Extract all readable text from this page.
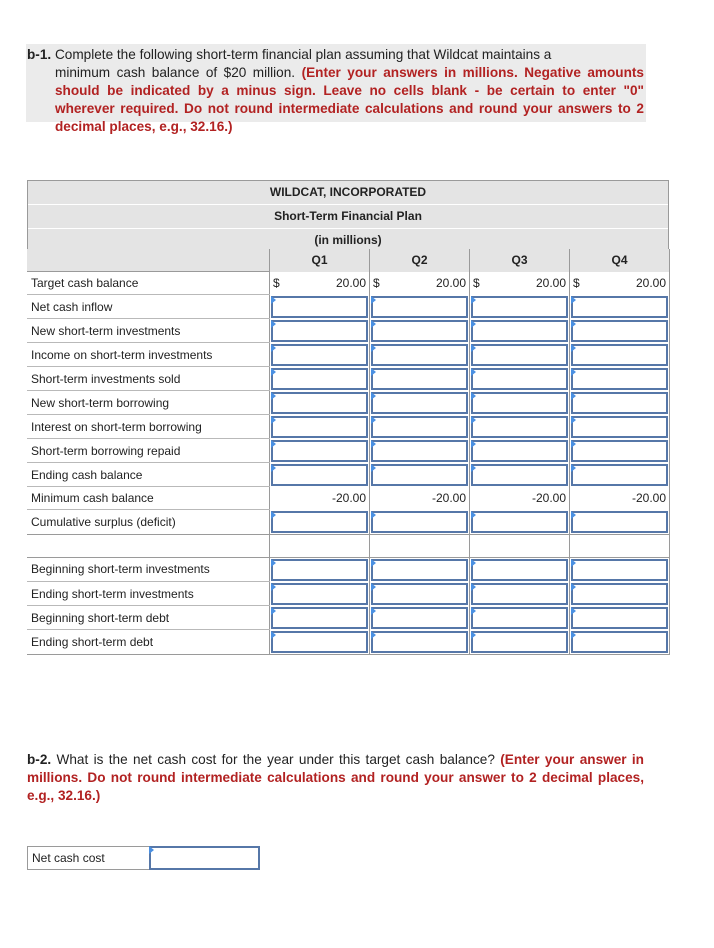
b-1. Complete the following short-term financial plan assuming that Wildcat maintains a
minimum cash balance of $20 million. (Enter your answers in millions. Negative amounts should be indicated by a minus sign. Leave no cells blank - be certain to enter "0" wherever required. Do not round intermediate calculations and round your answers to 2 decimal places, e.g., 32.16.)
WILDCAT, INCORPORATED
Short-Term Financial Plan
(in millions)
	Q1	Q2	Q3	Q4
Target cash balance	$ 20.00	$ 20.00	$ 20.00	$ 20.00

Net cash inflow	

New short-term investments	

Income on short-term investments	

Short-term investments sold	

New short-term borrowing	

Interest on short-term borrowing	

Short-term borrowing repaid	

Ending cash balance	

Minimum cash balance	-20.00	-20.00	-20.00	-20.00

Cumulative surplus (deficit)	

Beginning short-term investments	

Ending short-term investments	

Beginning short-term debt	

Ending short-term debt	

b-2. What is the net cash cost for the year under this target cash balance? (Enter your answer in millions. Do not round intermediate calculations and round your answer to 2 decimal places, e.g., 32.16.)
Net cash cost
